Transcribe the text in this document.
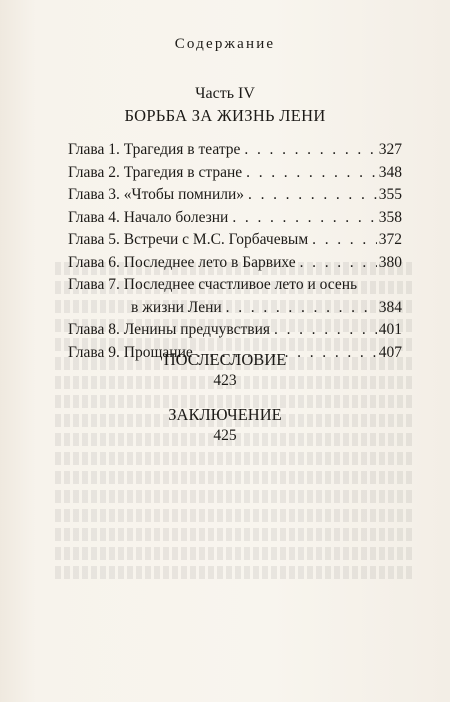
Содержание
Часть IV
БОРЬБА ЗА ЖИЗНЬ ЛЕНИ
Глава 1. Трагедия в театре . . .	327
Глава 2. Трагедия в стране . . .	348
Глава 3. «Чтобы помнили» . . .	355
Глава 4. Начало болезни . . .	358
Глава 5. Встречи с М.С. Горбачевым . . .	372
Глава 6. Последнее лето в Барвихе . . .	380
Глава 7. Последнее счастливое лето и осень
в жизни Лени . . .	384
Глава 8. Ленины предчувствия . . .	401
Глава 9. Прощание . . .	407
ПОСЛЕСЛОВИЕ
423
ЗАКЛЮЧЕНИЕ
425
